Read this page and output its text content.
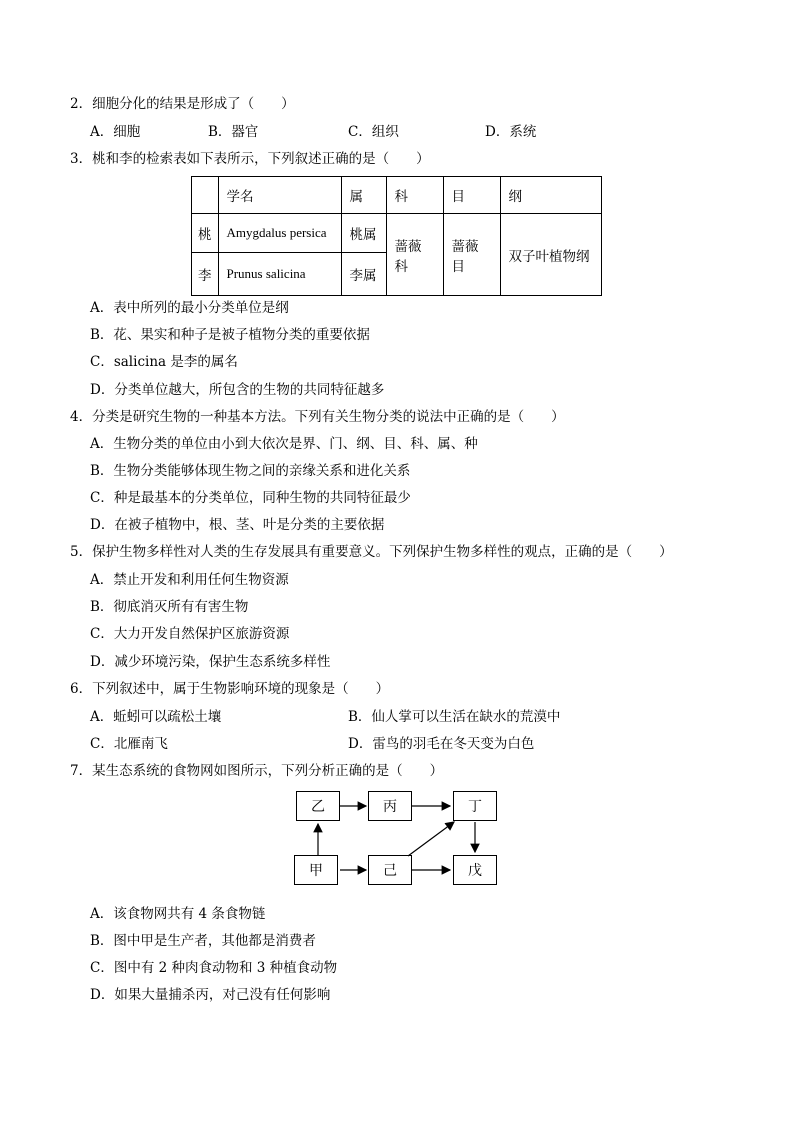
2．细胞分化的结果是形成了（　　）
A．细胞	B．器官	C．组织	D．系统
3．桃和李的检索表如下表所示，下列叙述正确的是（　　）
	学名	属	科	目	纲
桃	Amygdalus persica	桃属	蔷薇科	蔷薇目	双子叶植物纲
李	Prunus salicina	李属			
A．表中所列的最小分类单位是纲
B．花、果实和种子是被子植物分类的重要依据
C．salicina 是李的属名
D．分类单位越大，所包含的生物的共同特征越多
4．分类是研究生物的一种基本方法。下列有关生物分类的说法中正确的是（　　）
A．生物分类的单位由小到大依次是界、门、纲、目、科、属、种
B．生物分类能够体现生物之间的亲缘关系和进化关系
C．种是最基本的分类单位，同种生物的共同特征最少
D．在被子植物中，根、茎、叶是分类的主要依据
5．保护生物多样性对人类的生存发展具有重要意义。下列保护生物多样性的观点，正确的是（　　）
A．禁止开发和利用任何生物资源
B．彻底消灭所有有害生物
C．大力开发自然保护区旅游资源
D．减少环境污染，保护生态系统多样性
6．下列叙述中，属于生物影响环境的现象是（　　）
A．蚯蚓可以疏松土壤	B．仙人掌可以生活在缺水的荒漠中
C．北雁南飞	D．雷鸟的羽毛在冬天变为白色
7．某生态系统的食物网如图所示，下列分析正确的是（　　）
乙	丙	丁
甲	己	戊
A．该食物网共有 4 条食物链
B．图中甲是生产者，其他都是消费者
C．图中有 2 种肉食动物和 3 种植食动物
D．如果大量捕杀丙，对己没有任何影响
